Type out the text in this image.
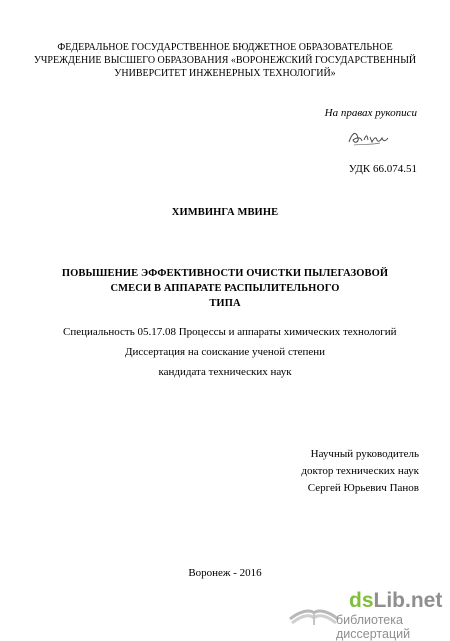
ФЕДЕРАЛЬНОЕ ГОСУДАРСТВЕННОЕ БЮДЖЕТНОЕ ОБРАЗОВАТЕЛЬНОЕ
УЧРЕЖДЕНИЕ ВЫСШЕГО ОБРАЗОВАНИЯ «ВОРОНЕЖСКИЙ ГОСУДАРСТВЕННЫЙ
УНИВЕРСИТЕТ ИНЖЕНЕРНЫХ ТЕХНОЛОГИЙ»
На правах рукописи
УДК 66.074.51
ХИМВИНГА МВИНЕ
ПОВЫШЕНИЕ ЭФФЕКТИВНОСТИ ОЧИСТКИ ПЫЛЕГАЗОВОЙ
СМЕСИ В АППАРАТЕ РАСПЫЛИТЕЛЬНОГО
ТИПА
Специальность 05.17.08 Процессы и аппараты химических технологий
Диссертация на соискание ученой степени
кандидата технических наук
Научный руководитель
доктор технических наук
Сергей Юрьевич Панов
Воронеж - 2016
dsLib.net
библиотека диссертаций
